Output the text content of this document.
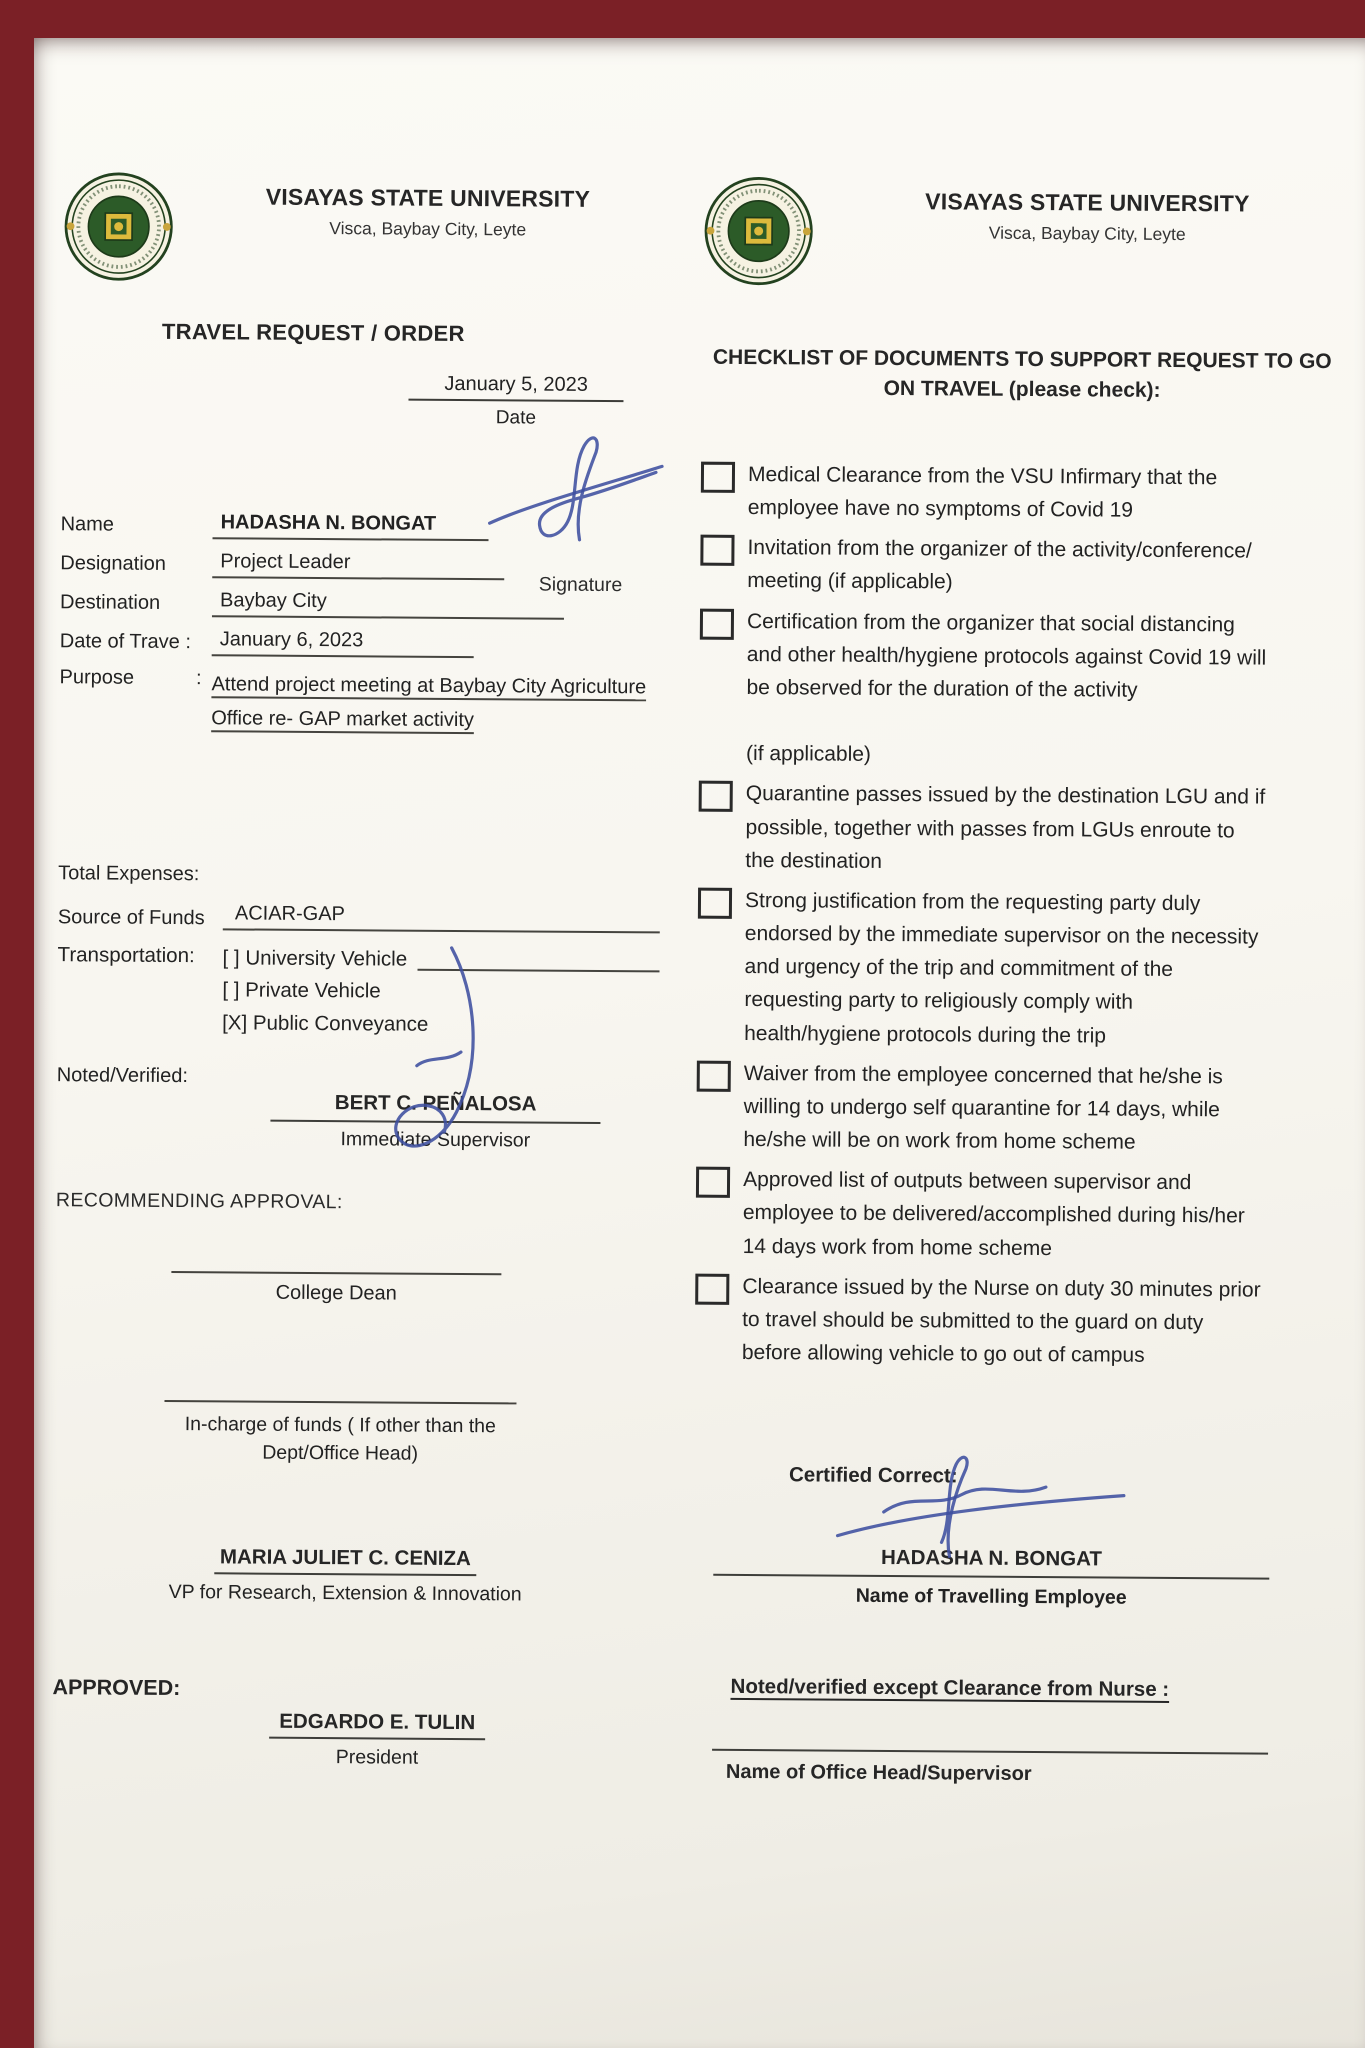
VISAYAS STATE UNIVERSITY
Visca, Baybay City, Leyte
TRAVEL REQUEST / ORDER
January 5, 2023
Date
Signature
Name	HADASHA N. BONGAT
Designation	Project Leader
Destination	Baybay City
Date of Trave :	January 6, 2023
Purpose	: Attend project meeting at Baybay City Agriculture Office re- GAP market activity
Total Expenses:
Source of Funds	ACIAR-GAP
Transportation:	[ ] University Vehicle
[ ] Private Vehicle
[X] Public Conveyance
Noted/Verified:
BERT C. PEÑALOSA
Immediate Supervisor
RECOMMENDING APPROVAL:
College Dean
In-charge of funds ( If other than the Dept/Office Head)
MARIA JULIET C. CENIZA
VP for Research, Extension & Innovation
APPROVED:
EDGARDO E. TULIN
President
VISAYAS STATE UNIVERSITY
Visca, Baybay City, Leyte
CHECKLIST OF DOCUMENTS TO SUPPORT REQUEST TO GO ON TRAVEL (please check):
Medical Clearance from the VSU Infirmary that the employee have no symptoms of Covid 19
Invitation from the organizer of the activity/conference/ meeting (if applicable)
Certification from the organizer that social distancing and other health/hygiene protocols against Covid 19 will be observed for the duration of the activity

(if applicable)
Quarantine passes issued by the destination LGU and if possible, together with passes from LGUs enroute to the destination
Strong justification from the requesting party duly endorsed by the immediate supervisor on the necessity and urgency of the trip and commitment of the requesting party to religiously comply with health/hygiene protocols during the trip
Waiver from the employee concerned that he/she is willing to undergo self quarantine for 14 days, while he/she will be on work from home scheme
Approved list of outputs between supervisor and employee to be delivered/accomplished during his/her 14 days work from home scheme
Clearance issued by the Nurse on duty 30 minutes prior to travel should be submitted to the guard on duty before allowing vehicle to go out of campus
Certified Correct:
HADASHA N. BONGAT
Name of Travelling Employee
Noted/verified except Clearance from Nurse :
Name of Office Head/Supervisor
